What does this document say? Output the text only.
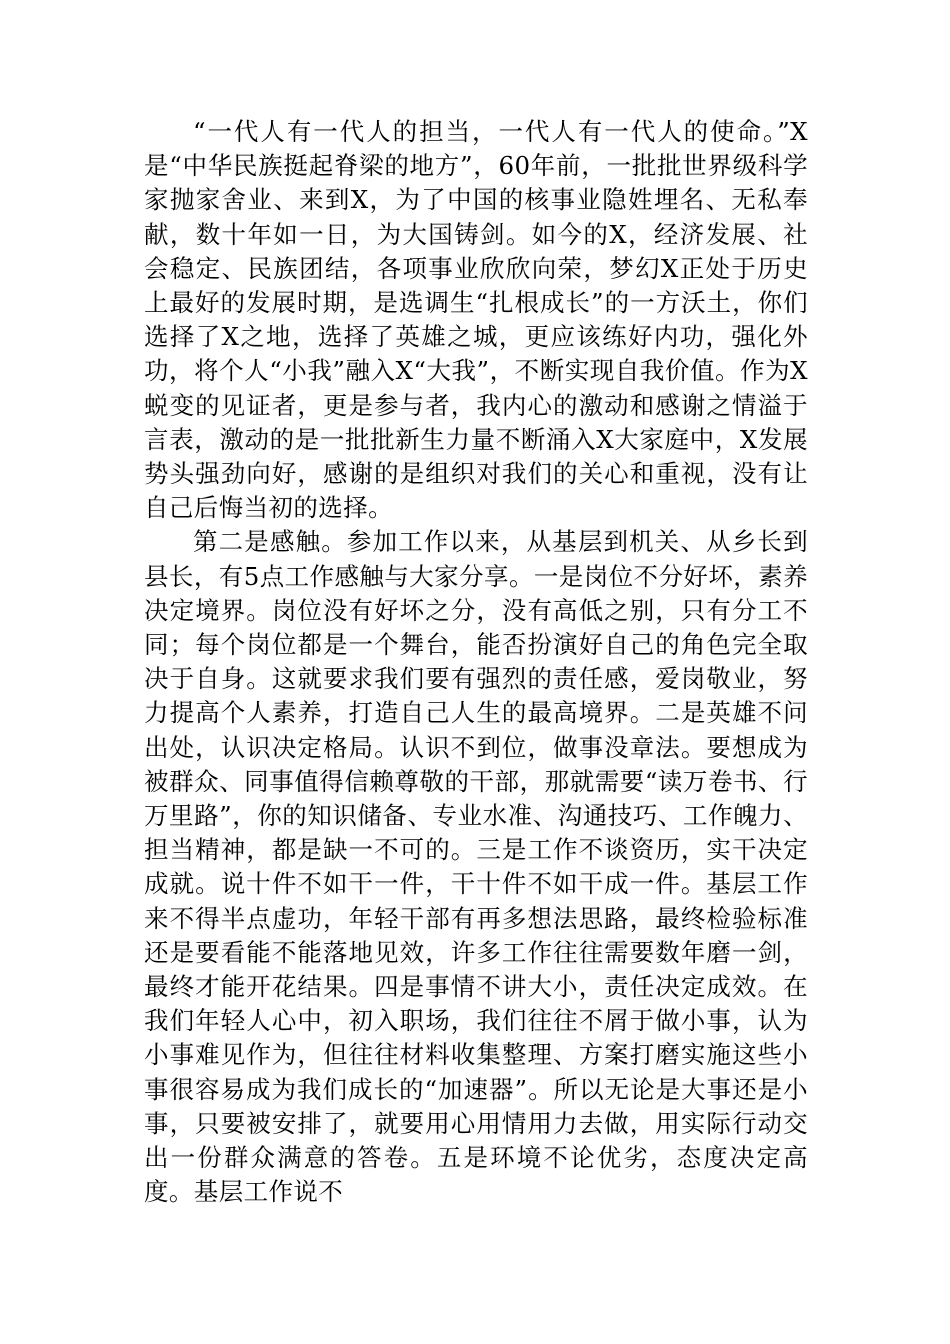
“一代人有一代人的担当，一代人有一代人的使命。”X是“中华民族挺起脊梁的地方”，60年前，一批批世界级科学家抛家舍业、来到X，为了中国的核事业隐姓埋名、无私奉献，数十年如一日，为大国铸剑。如今的X，经济发展、社会稳定、民族团结，各项事业欣欣向荣，梦幻X正处于历史上最好的发展时期，是选调生“扎根成长”的一方沃土，你们选择了X之地，选择了英雄之城，更应该练好内功，强化外功，将个人“小我”融入X“大我”，不断实现自我价值。作为X蜕变的见证者，更是参与者，我内心的激动和感谢之情溢于言表，激动的是一批批新生力量不断涌入X大家庭中，X发展势头强劲向好，感谢的是组织对我们的关心和重视，没有让自己后悔当初的选择。

第二是感触。参加工作以来，从基层到机关、从乡长到县长，有5点工作感触与大家分享。一是岗位不分好坏，素养决定境界。岗位没有好坏之分，没有高低之别，只有分工不同；每个岗位都是一个舞台，能否扮演好自己的角色完全取决于自身。这就要求我们要有强烈的责任感，爱岗敬业，努力提高个人素养，打造自己人生的最高境界。二是英雄不问出处，认识决定格局。认识不到位，做事没章法。要想成为被群众、同事值得信赖尊敬的干部，那就需要“读万卷书、行万里路”，你的知识储备、专业水准、沟通技巧、工作魄力、担当精神，都是缺一不可的。三是工作不谈资历，实干决定成就。说十件不如干一件，干十件不如干成一件。基层工作来不得半点虚功，年轻干部有再多想法思路，最终检验标准还是要看能不能落地见效，许多工作往往需要数年磨一剑，最终才能开花结果。四是事情不讲大小，责任决定成效。在我们年轻人心中，初入职场，我们往往不屑于做小事，认为小事难见作为，但往往材料收集整理、方案打磨实施这些小事很容易成为我们成长的“加速器”。所以无论是大事还是小事，只要被安排了，就要用心用情用力去做，用实际行动交出一份群众满意的答卷。五是环境不论优劣，态度决定高度。基层工作说不
